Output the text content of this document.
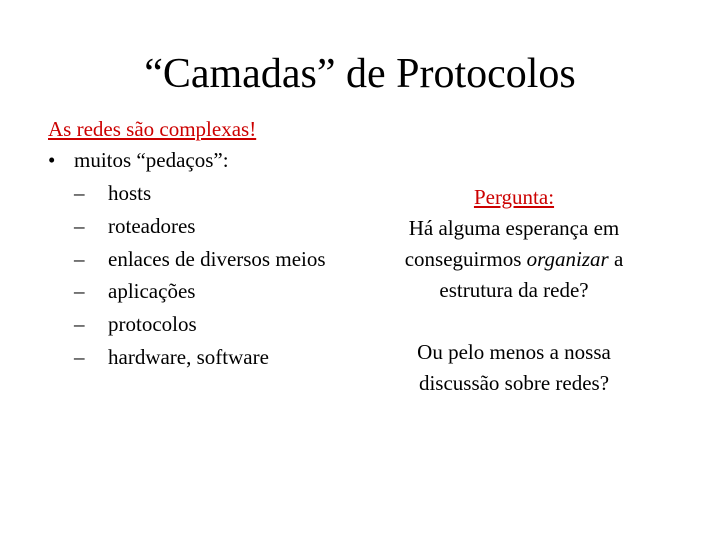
“Camadas” de Protocolos
As redes são complexas!
• muitos “pedaços”:
– hosts
– roteadores
– enlaces de diversos meios
– aplicações
– protocolos
– hardware, software
Pergunta:
Há alguma esperança em conseguirmos organizar a estrutura da rede?
Ou pelo menos a nossa discussão sobre redes?
